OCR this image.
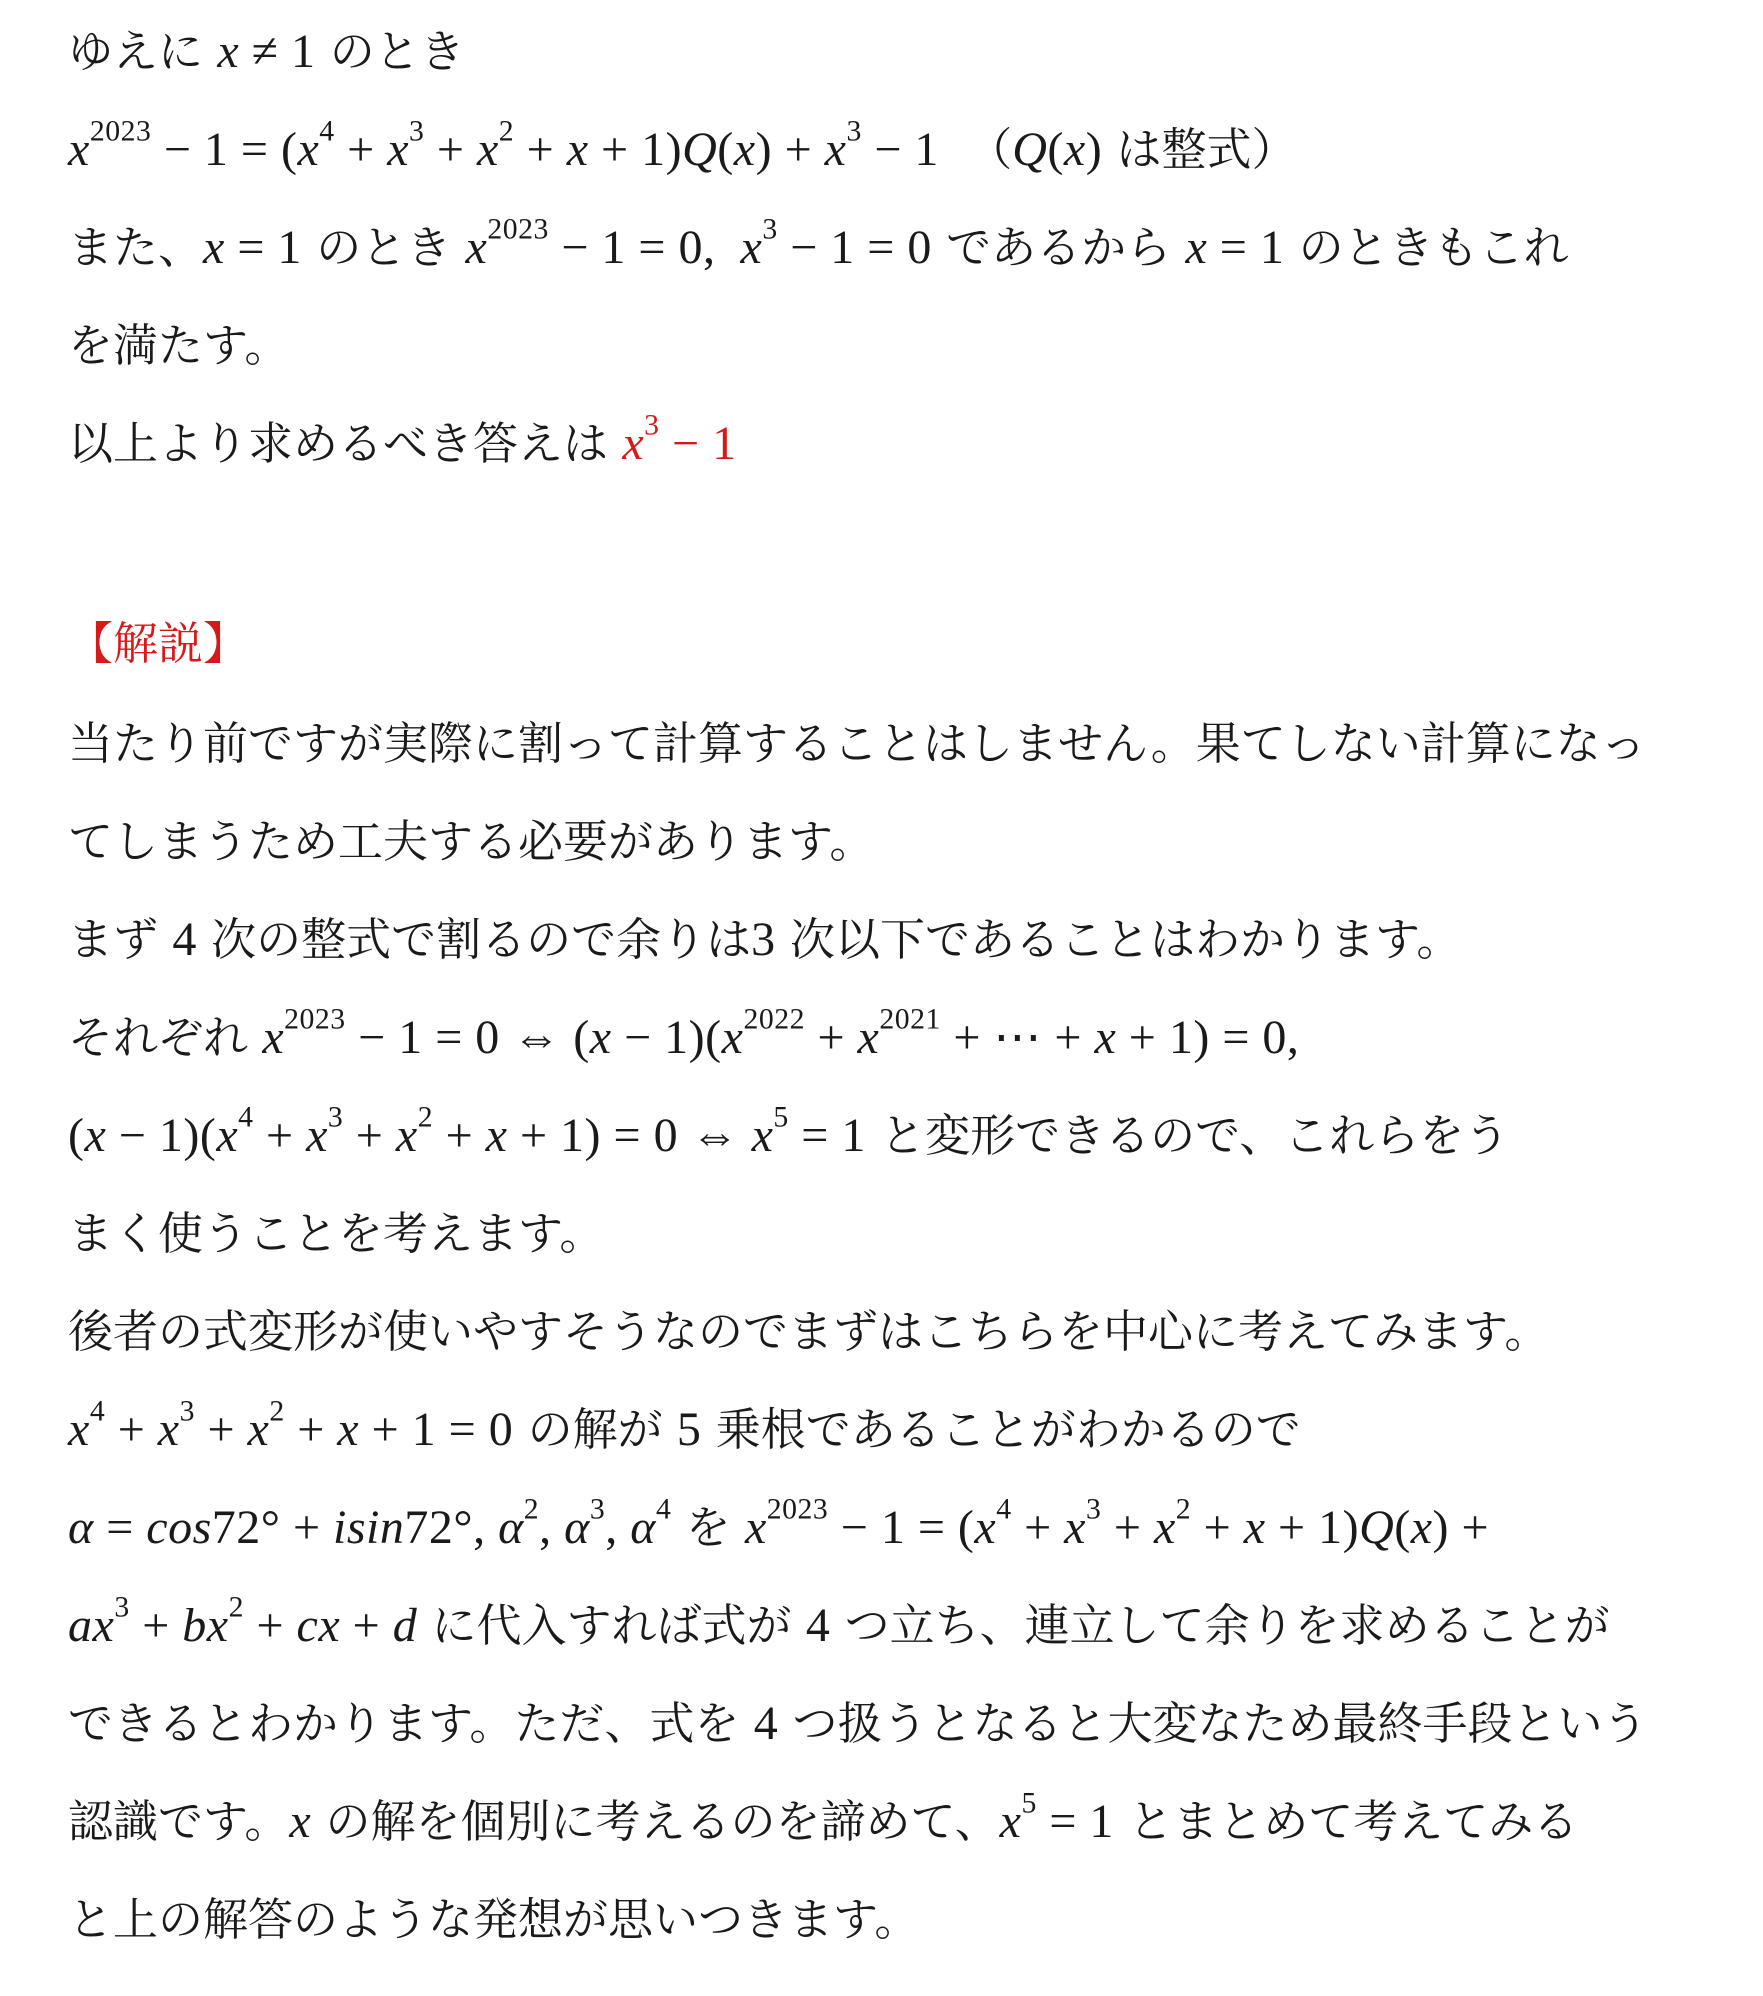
ゆえに x ≠ 1 のとき
$x^{2023} - 1 = (x^4 + x^3 + x^2 + x + 1)Q(x) + x^3 - 1$ （Q(x) は整式）
また、x = 1 のとき $x^{2023} - 1 = 0$,  $x^3 - 1 = 0$ であるから x = 1 のときもこれ
を満たす。
以上より求めるべき答えは $x^3 - 1$
【解説】
当たり前ですが実際に割って計算することはしません。果てしない計算になっ
てしまうため工夫する必要があります。
まず 4 次の整式で割るので余りは3 次以下であることはわかります。
それぞれ $x^{2023} - 1 = 0$ ⇔ $(x - 1)(x^{2022} + x^{2021}$ + ⋯ + x + 1) = 0,
$(x - 1)(x^4 + x^3 + x^2 + x + 1) = 0$ ⇔ $x^5 = 1$ と変形できるので、これらをう
まく使うことを考えます。
後者の式変形が使いやすそうなのでまずはこちらを中心に考えてみます。
$x^4 + x^3 + x^2 + x + 1 = 0$ の解が 5 乗根であることがわかるので
α = cos72° + isin72°, $\alpha^2$, $\alpha^3$, $\alpha^4$ を $x^{2023} - 1 = (x^4 + x^3 + x^2 + x + 1)Q(x)$ +
$ax^3 + bx^2$ + cx + d に代入すれば式が 4 つ立ち、連立して余りを求めることが
できるとわかります。ただ、式を 4 つ扱うとなると大変なため最終手段という
認識です。x の解を個別に考えるのを諦めて、$x^5 = 1$ とまとめて考えてみる
と上の解答のような発想が思いつきます。
